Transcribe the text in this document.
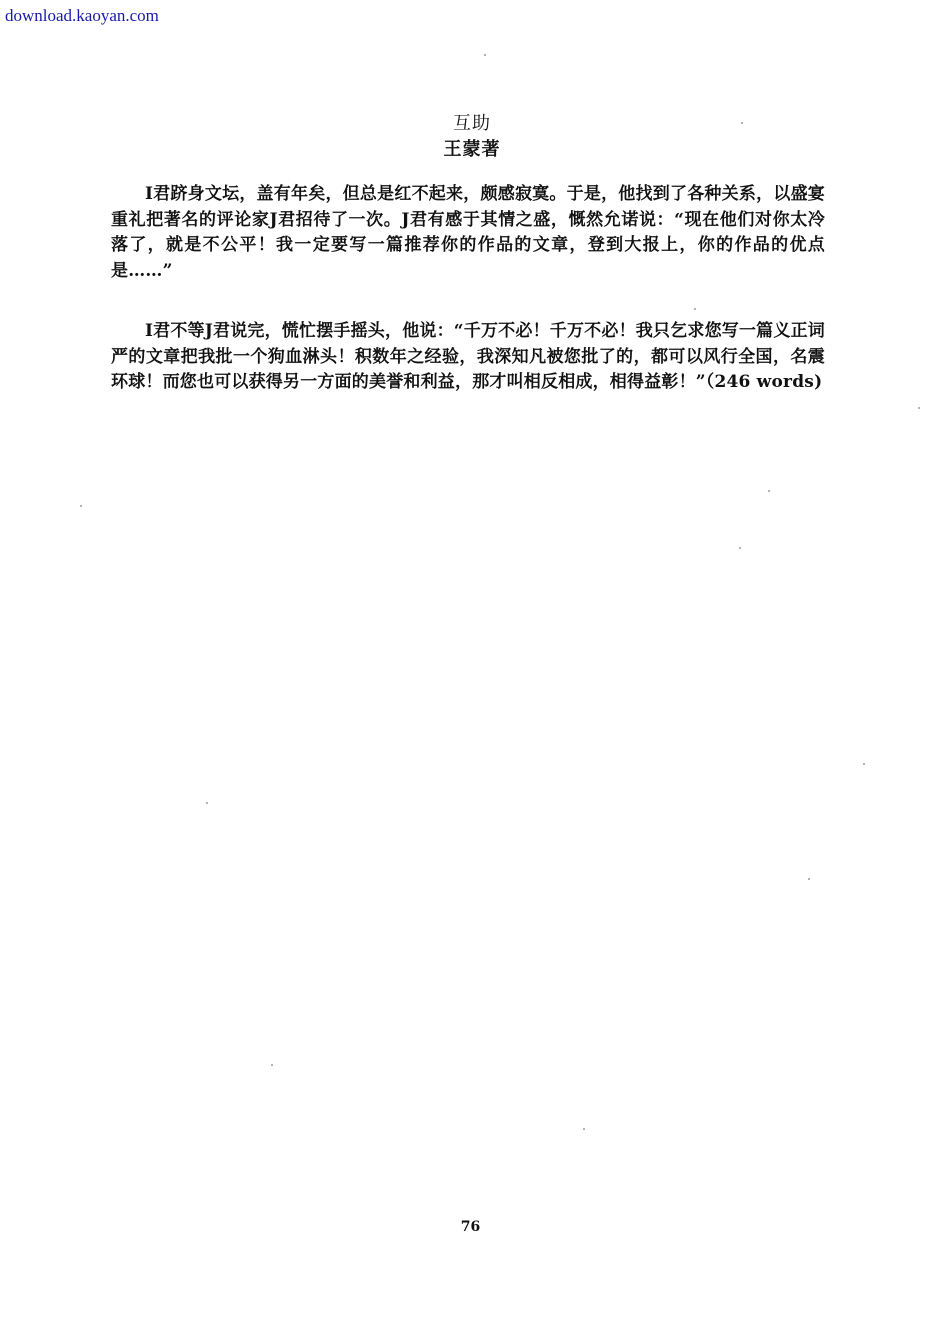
download.kaoyan.com
互助
王蒙著

I君跻身文坛，盖有年矣，但总是红不起来，颇感寂寞。于是，他找到了各种关系，以盛宴重礼把著名的评论家J君招待了一次。J君有感于其情之盛，慨然允诺说：“现在他们对你太冷落了，就是不公平！我一定要写一篇推荐你的作品的文章，登到大报上，你的作品的优点是……”

I君不等J君说完，慌忙摆手摇头，他说：“千万不必！千万不必！我只乞求您写一篇义正词严的文章把我批一个狗血淋头！积数年之经验，我深知凡被您批了的，都可以风行全国，名震环球！而您也可以获得另一方面的美誉和利益，那才叫相反相成，相得益彰！”（246 words)

76
